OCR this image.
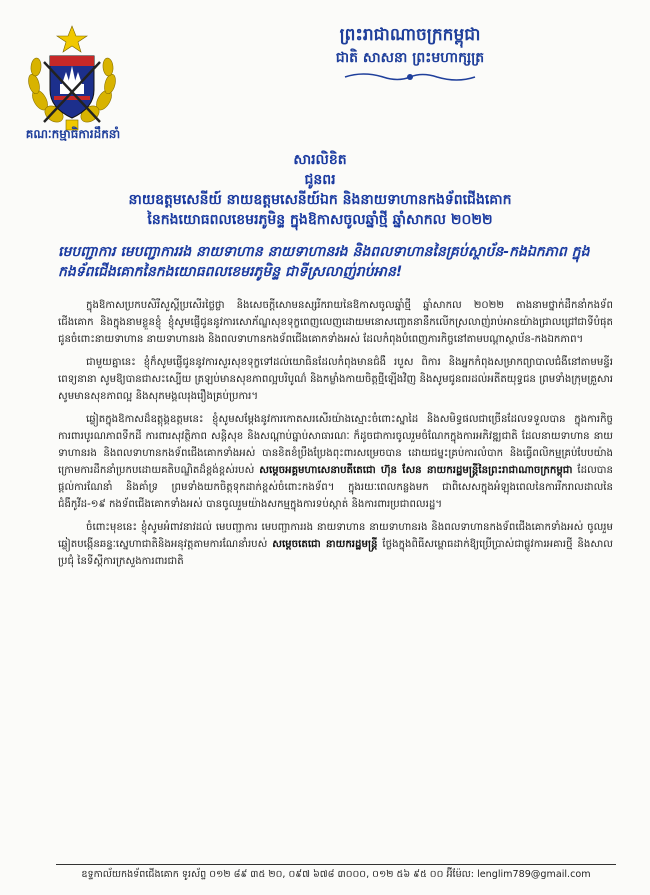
គណៈកម្មាធិការដឹកនាំ
ព្រះរាជាណាចក្រកម្ពុជា
ជាតិ សាសនា ព្រះមហាក្សត្រ
សារលិខិត
ជូនពរ
នាយឧត្តមសេនីយ៍ នាយឧត្តមសេនីយ៍ឯក និងនាយទាហានកងទ័ពជើងគោក
នៃកងយោធពលខេមរភូមិន្ទ ក្នុងឱកាសចូលឆ្នាំថ្មី ឆ្នាំសាកល ២០២២
មេបញ្ជាការ មេបញ្ជាការរង នាយទាហាន នាយទាហានរង និងពលទាហាននៃគ្រប់ស្ថាប័ន-កងឯកភាព ក្នុងកងទ័ពជើងគោកនៃកងយោធពលខេមរភូមិន្ទ ជាទីស្រលាញ់រាប់អាន!

ក្នុងឱកាសប្រកបសិរីសួស្តីប្រសើរថ្លៃថ្លា និងសេចក្តីសោមនស្សរីករាយនៃឱកាសចូលឆ្នាំថ្មី ឆ្នាំសាកល ២០២២ តាងនាមថ្នាក់ដឹកនាំកងទ័ពជើងគោក និងក្នុងនាមខ្លួនខ្ញុំ ខ្ញុំសូមផ្ញើជូននូវការសោភ័ណ្ឌសុខទុក្ខពេញលេញដោយមនោសញ្ចេតនានឹកលើកស្រលាញ់រាប់អានយ៉ាងជ្រាលជ្រៅជាទីបំផុត ជូនចំពោះនាយទាហាន នាយទាហានរង និងពលទាហានកងទ័ពជើងគោកទាំងអស់ ដែលកំពុងបំពេញភារកិច្ចនៅតាមបណ្តាស្ថាប័ន-កងឯកភាព។

ជាមួយគ្នានេះ ខ្ញុំក៏សូមផ្ញើជូននូវការសួរសុខទុក្ខទៅដល់យោធិនដែលកំពុងមានជំងឺ របួស ពិការ និងអ្នកកំពុងសម្រាកព្យាបាលជំងឺនៅតាមមន្ទីរពេទ្យនានា សូមឱ្យបានជាសះស្បើយ ត្រឡប់មានសុខភាពល្អបរិបូណ៌ និងកម្លាំងកាយចិត្តថ្មីឡើងវិញ និងសូមជូនពរដល់អតីតយុទ្ធជន ព្រមទាំងក្រុមគ្រួសារ សូមមានសុខភាពល្អ និងសុភមង្គលរុងរឿងគ្រប់ប្រការ។

ឆ្លៀតក្នុងឱកាសដ៏ឧត្តុង្គឧត្តមនេះ ខ្ញុំសូមសម្តែងនូវការកោតសរសើរយ៉ាងស្មោះចំពោះស្នាដៃ និងសមិទ្ធផលជាច្រើនដែលទទួលបាន ក្នុងការកិច្ចការពារបូរណភាពទឹកដី ការពារសុវត្ថិភាព សន្តិសុខ និងសណ្តាប់ធ្នាប់សាធារណៈ ក៏ដូចជាការចូលរួមចំណែកក្នុងការអភិវឌ្ឍជាតិ ដែលនាយទាហាន នាយទាហានរង និងពលទាហានកងទ័ពជើងគោកទាំងអស់ បានខិតខំប្រឹងប្រែងពុះពារសម្រេចបាន ដោយជម្នះគ្រប់ការលំបាក និងធ្វើពលិកម្មគ្រប់បែបយ៉ាង ក្រោមការដឹកនាំប្រកបដោយគតិបណ្ឌិតដ៏ខ្ពង់ខ្ពស់របស់ សម្តេចអគ្គមហាសេនាបតីតេជោ ហ៊ុន សែន នាយករដ្ឋមន្ត្រីនៃព្រះរាជាណាចក្រកម្ពុជា ដែលបានផ្តល់ការណែនាំ និងគាំទ្រ ព្រមទាំងយកចិត្តទុកដាក់ខ្ពស់ចំពោះកងទ័ព។ ក្នុងរយៈពេលកន្លងមក ជាពិសេសក្នុងអំឡុងពេលនៃការរីករាលដាលនៃជំងឺកូវីដ-១៩ កងទ័ពជើងគោកទាំងអស់ បានចូលរួមយ៉ាងសកម្មក្នុងការទប់ស្កាត់ និងការពារប្រជាពលរដ្ឋ។

ចំពោះមុខនេះ ខ្ញុំសូមអំពាវនាវដល់ មេបញ្ជាការ មេបញ្ជាការរង នាយទាហាន នាយទាហានរង និងពលទាហានកងទ័ពជើងគោកទាំងអស់ ចូលរួមឆ្លៀតបង្កើនឆន្ទៈស្នេហាជាតិនិងអនុវត្តតាមការណែនាំរបស់ សម្តេចតេជោ នាយករដ្ឋមន្ត្រី ថ្លែងក្នុងពិធីសម្ពោធដាក់ឱ្យប្រើប្រាស់ជាផ្លូវការអគារថ្មី និងសាលប្រជុំ នៃទីស្តីការក្រសួងការពារជាតិ

ឧទ្ទកាល័យកងទ័ពជើងគោក ទូរស័ព្ទ ០១២ ៨៩ ៣៥ ២០, ០៩៧ ៦៧៨ ៣០០០, ០១២ ៥៦ ៩៥ ០០ អ៊ីម៉ែល: lenglim789@gmail.com
